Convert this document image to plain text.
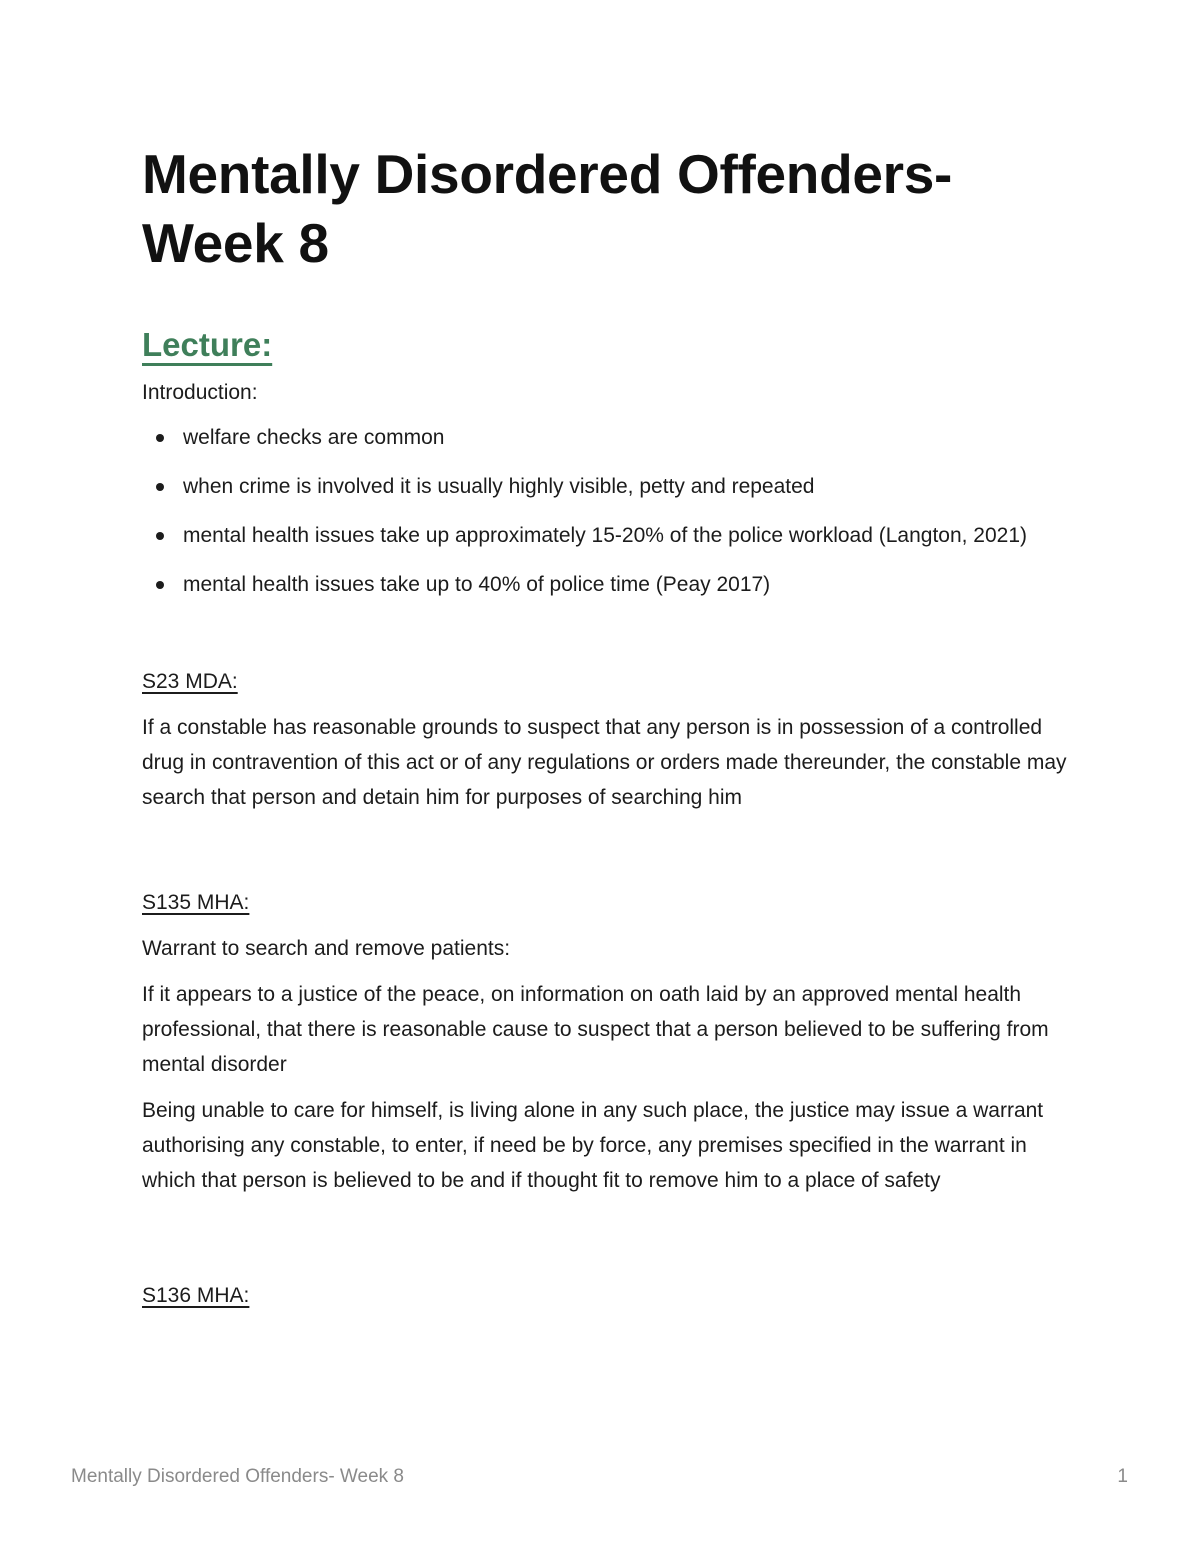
Mentally Disordered Offenders- Week 8
Lecture:

Introduction:

welfare checks are common
when crime is involved it is usually highly visible, petty and repeated
mental health issues take up approximately 15-20% of the police workload (Langton, 2021)
mental health issues take up to 40% of police time (Peay 2017)

S23 MDA:

If a constable has reasonable grounds to suspect that any person is in possession of a controlled drug in contravention of this act or of any regulations or orders made thereunder, the constable may search that person and detain him for purposes of searching him

S135 MHA:

Warrant to search and remove patients:

If it appears to a justice of the peace, on information on oath laid by an approved mental health professional, that there is reasonable cause to suspect that a person believed to be suffering from mental disorder

Being unable to care for himself, is living alone in any such place, the justice may issue a warrant authorising any constable, to enter, if need be by force, any premises specified in the warrant in which that person is believed to be and if thought fit to remove him to a place of safety

S136 MHA:

Mentally Disordered Offenders- Week 8	1
